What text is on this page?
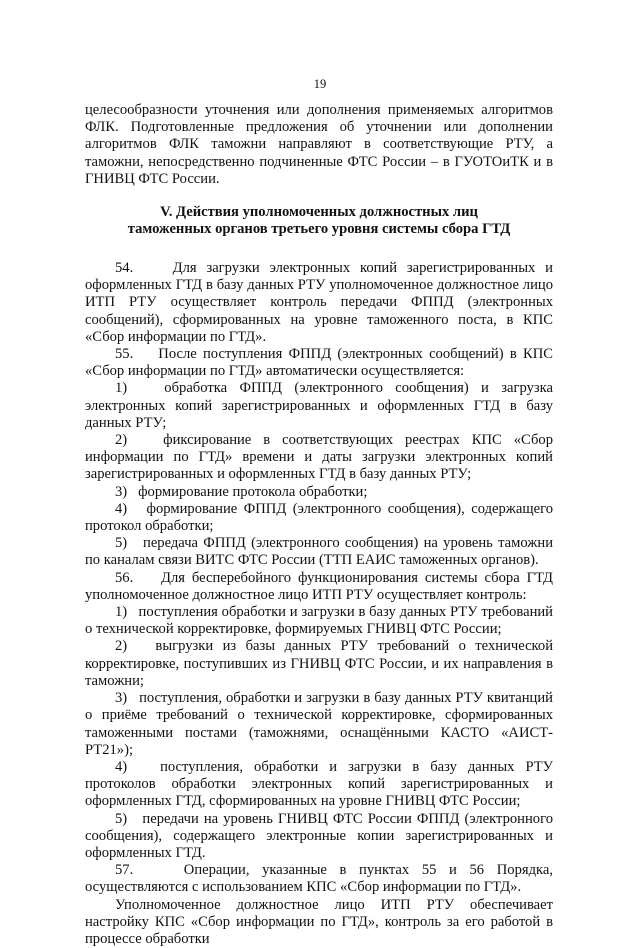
19

целесообразности уточнения или дополнения применяемых алгоритмов ФЛК. Подготовленные предложения об уточнении или дополнении алгоритмов ФЛК таможни направляют в соответствующие РТУ, а таможни, непосредственно подчиненные ФТС России – в ГУОТОиТК и в ГНИВЦ ФТС России.

V. Действия уполномоченных должностных лиц таможенных органов третьего уровня системы сбора ГТД

54.    Для загрузки электронных копий зарегистрированных и оформленных ГТД в базу данных РТУ уполномоченное должностное лицо ИТП РТУ осуществляет контроль передачи ФППД (электронных сообщений), сформированных на уровне таможенного поста, в КПС «Сбор информации по ГТД».

55.    После поступления ФППД (электронных сообщений) в КПС «Сбор информации по ГТД» автоматически осуществляется:

1)   обработка ФППД (электронного сообщения) и загрузка электронных копий зарегистрированных и оформленных ГТД в базу данных РТУ;

2)   фиксирование в соответствующих реестрах КПС «Сбор информации по ГТД» времени и даты загрузки электронных копий зарегистрированных и оформленных ГТД в базу данных РТУ;

3)   формирование протокола обработки;

4)   формирование ФППД (электронного сообщения), содержащего протокол обработки;

5)   передача ФППД (электронного сообщения) на уровень таможни по каналам связи ВИТС ФТС России (ТТП ЕАИС таможенных органов).

56.    Для бесперебойного функционирования системы сбора ГТД уполномоченное должностное лицо ИТП РТУ осуществляет контроль:

1)   поступления обработки и загрузки в базу данных РТУ требований о технической корректировке, формируемых ГНИВЦ ФТС России;

2)   выгрузки из базы данных РТУ требований о технической корректировке, поступивших из ГНИВЦ ФТС России, и их направления в таможни;

3)   поступления, обработки и загрузки в базу данных РТУ квитанций о приёме требований о технической корректировке, сформированных таможенными постами (таможнями, оснащёнными КАСТО «АИСТ-РТ21»);

4)   поступления, обработки и загрузки в базу данных РТУ протоколов обработки электронных копий зарегистрированных и оформленных ГТД, сформированных на уровне ГНИВЦ ФТС России;

5)   передачи на уровень ГНИВЦ ФТС России ФППД (электронного сообщения), содержащего электронные копии зарегистрированных и оформленных ГТД.

57.    Операции, указанные в пунктах 55 и 56 Порядка, осуществляются с использованием КПС «Сбор информации по ГТД».

Уполномоченное должностное лицо ИТП РТУ обеспечивает настройку КПС «Сбор информации по ГТД», контроль за его работой в процессе обработки
